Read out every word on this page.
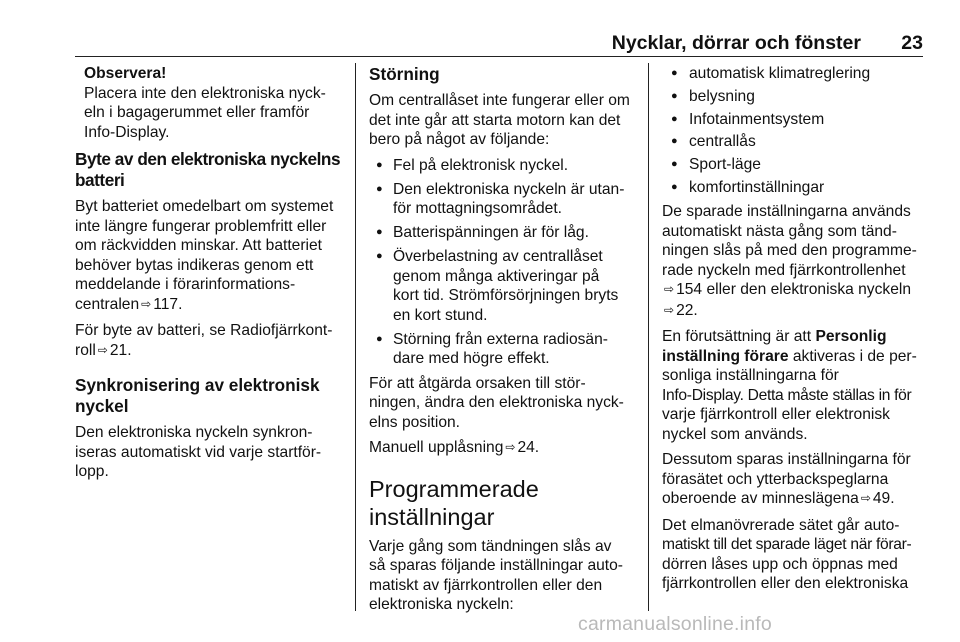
Nycklar, dörrar och fönster 23
Observera!
Placera inte den elektroniska nyck-
eln i bagagerummet eller framför
Info-Display.
Byte av den elektroniska nyckelns
batteri

Byt batteriet omedelbart om systemet
inte längre fungerar problemfritt eller
om räckvidden minskar. Att batteriet
behöver bytas indikeras genom ett
meddelande i förarinformations-
centralen ⇨ 117.

För byte av batteri, se Radiofjärrkont-
roll ⇨ 21.

Synkronisering av elektronisk
nyckel

Den elektroniska nyckeln synkron-
iseras automatiskt vid varje startför-
lopp.

Störning

Om centrallåset inte fungerar eller om
det inte går att starta motorn kan det
bero på något av följande:

● Fel på elektronisk nyckel.
● Den elektroniska nyckeln är utan-
för mottagningsområdet.
● Batterispänningen är för låg.
● Överbelastning av centrallåset
genom många aktiveringar på
kort tid. Strömförsörjningen bryts
en kort stund.
● Störning från externa radiosän-
dare med högre effekt.

För att åtgärda orsaken till stör-
ningen, ändra den elektroniska nyck-
elns position.

Manuell upplåsning ⇨ 24.

Programmerade
inställningar

Varje gång som tändningen slås av
så sparas följande inställningar auto-
matiskt av fjärrkontrollen eller den
elektroniska nyckeln:

● automatisk klimatreglering
● belysning
● Infotainmentsystem
● centrallås
● Sport-läge
● komfortinställningar

De sparade inställningarna används
automatiskt nästa gång som tänd-
ningen slås på med den programme-
rade nyckeln med fjärrkontrollenhet
⇨ 154 eller den elektroniska nyckeln
⇨ 22.

En förutsättning är att Personlig
inställning förare aktiveras i de per-
sonliga inställningarna för
Info-Display. Detta måste ställas in för
varje fjärrkontroll eller elektronisk
nyckel som används.

Dessutom sparas inställningarna för
förasätet och ytterbackspeglarna
oberoende av minneslägena ⇨ 49.

Det elmanövrerade sätet går auto-
matiskt till det sparade läget när förar-
dörren låses upp och öppnas med
fjärrkontrollen eller den elektroniska

carmanualsonline.info
